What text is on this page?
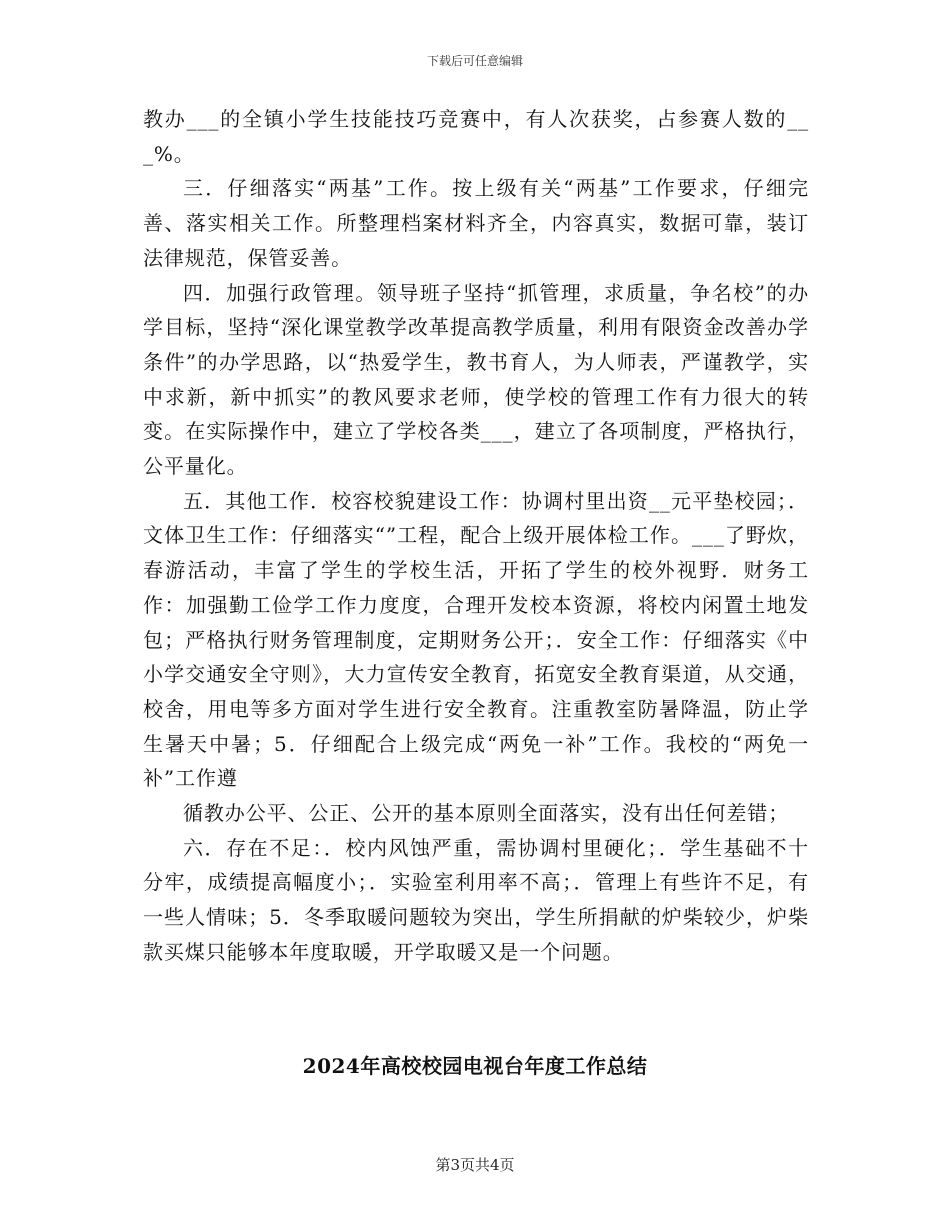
下载后可任意编辑

教办___的全镇小学生技能技巧竞赛中，有人次获奖，占参赛人数的___%。

三．仔细落实“两基”工作。按上级有关“两基”工作要求，仔细完善、落实相关工作。所整理档案材料齐全，内容真实，数据可靠，装订法律规范，保管妥善。

四．加强行政管理。领导班子坚持“抓管理，求质量，争名校”的办学目标，坚持“深化课堂教学改革提高教学质量，利用有限资金改善办学条件”的办学思路，以“热爱学生，教书育人，为人师表，严谨教学，实中求新，新中抓实”的教风要求老师，使学校的管理工作有力很大的转变。在实际操作中，建立了学校各类___，建立了各项制度，严格执行，公平量化。

五．其他工作．校容校貌建设工作：协调村里出资__元平垫校园；．文体卫生工作：仔细落实“”工程，配合上级开展体检工作。___了野炊，春游活动，丰富了学生的学校生活，开拓了学生的校外视野．财务工作：加强勤工俭学工作力度度，合理开发校本资源，将校内闲置土地发包；严格执行财务管理制度，定期财务公开；．安全工作：仔细落实《中小学交通安全守则》，大力宣传安全教育，拓宽安全教育渠道，从交通，校舍，用电等多方面对学生进行安全教育。注重教室防暑降温，防止学生暑天中暑；5．仔细配合上级完成“两免一补”工作。我校的“两免一补”工作遵

循教办公平、公正、公开的基本原则全面落实，没有出任何差错；

六．存在不足：．校内风蚀严重，需协调村里硬化；．学生基础不十分牢，成绩提高幅度小；．实验室利用率不高；．管理上有些许不足，有一些人情味；5．冬季取暖问题较为突出，学生所捐献的炉柴较少，炉柴款买煤只能够本年度取暖，开学取暖又是一个问题。

2024年高校校园电视台年度工作总结
第3页共4页
